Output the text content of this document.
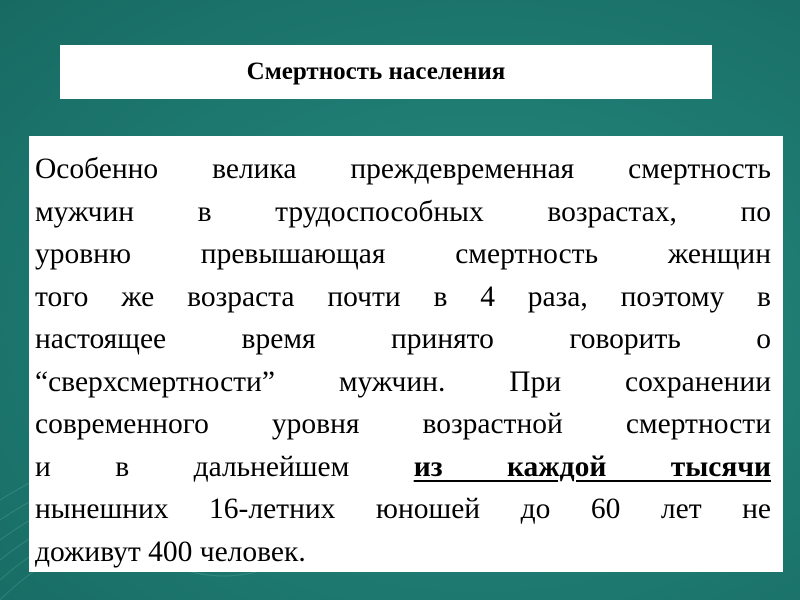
Смертность населения
Особенно велика преждевременная смертность
мужчин в трудоспособных возрастах, по
уровню превышающая смертность женщин
того же возраста почти в 4 раза, поэтому в
настоящее время принято говорить о
“сверхсмертности” мужчин. При сохранении
современного уровня возрастной смертности
и в дальнейшем из каждой тысячи
нынешних 16-летних юношей до 60 лет не
доживут 400 человек.
